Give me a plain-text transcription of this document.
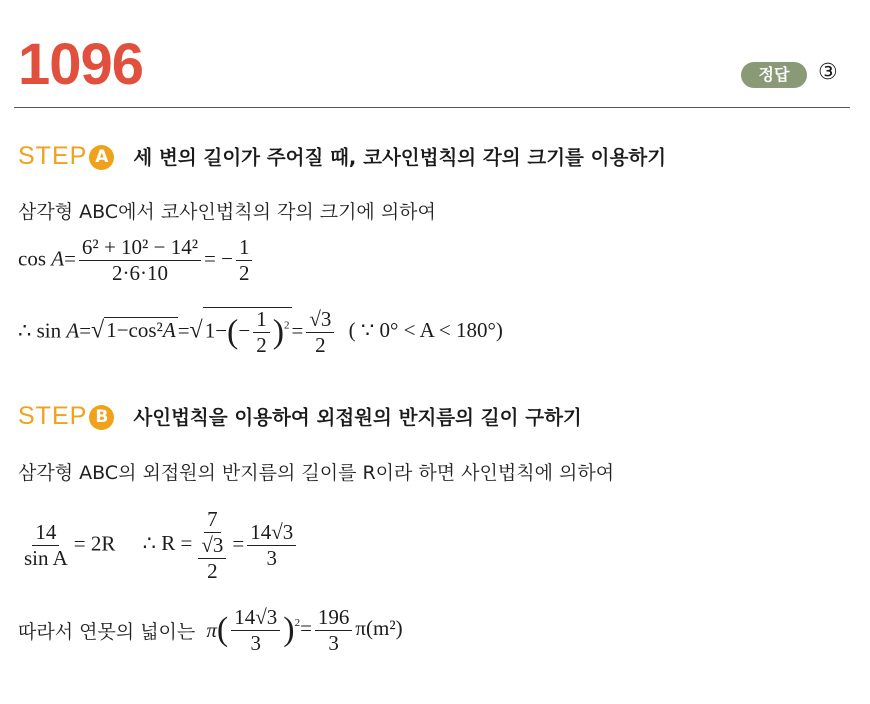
1096	정답	③
STEP A 세 변의 길이가 주어질 때, 코사인법칙의 각의 크기를 이용하기
삼각형 ABC에서 코사인법칙의 각의 크기에 의하여
$\cos A= \frac{\text{6² + 10² − 14²}}{2\cdot 6\cdot 10}$ = − $\frac{1}{2}$
∴ $\sin A=√1-\cos^2A=√1-(- \frac{1}{2} )^2= \frac{√3}{2}$ ( ∵ 0° < A < 180°)
STEP B 사인법칙을 이용하여 외접원의 반지름의 길이 구하기
삼각형 ABC의 외접원의 반지름의 길이를 R이라 하면 사인법칙에 의하여
$\frac{14}{\text{sin A}} = 2R$ ∴ $R = \frac{7}{\frac{√3}{2}} = \frac{14√3}{3}$
따라서 연못의 넓이는 $\pi( \frac{14√3}{3} )^2= \frac{196}{3} \pi(m^2)$
